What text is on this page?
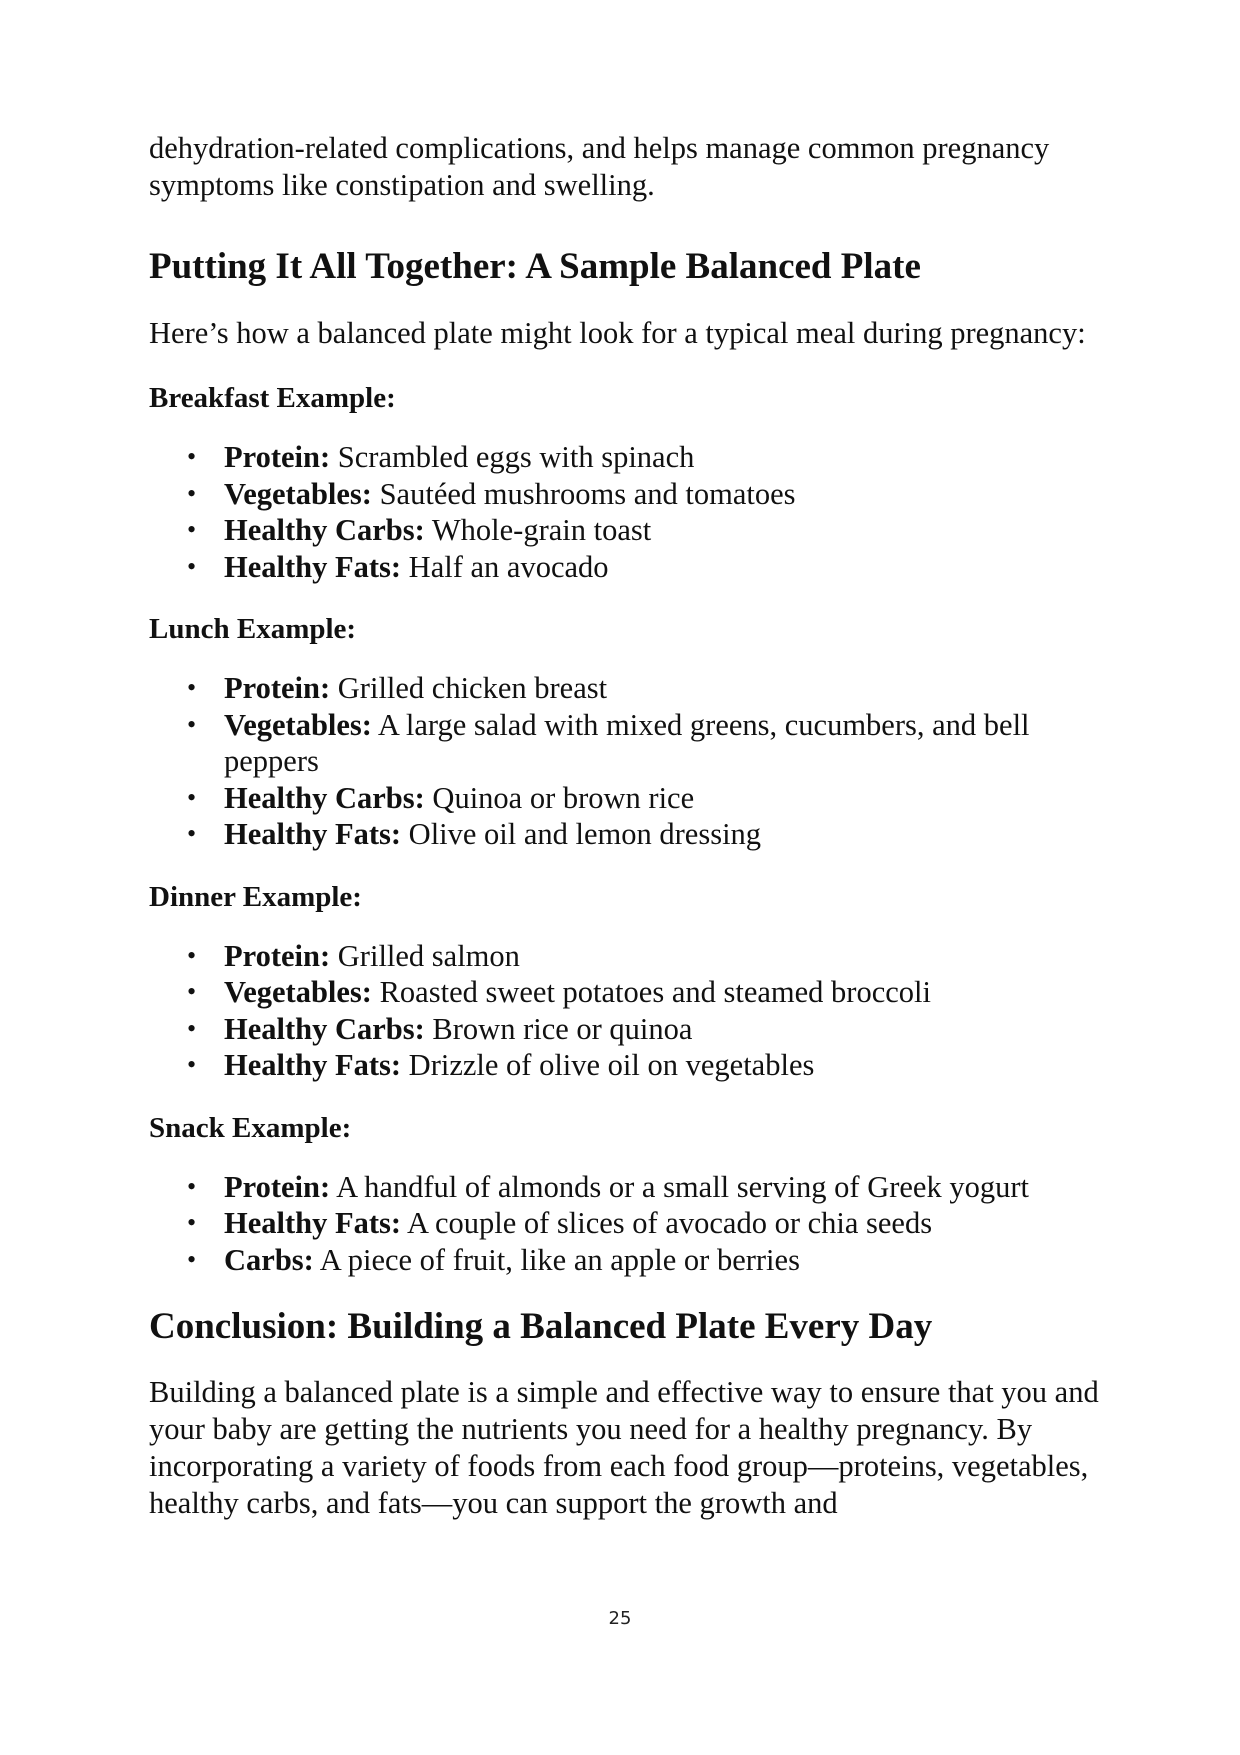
dehydration-related complications, and helps manage common pregnancy symptoms like constipation and swelling.

Putting It All Together: A Sample Balanced Plate

Here’s how a balanced plate might look for a typical meal during pregnancy:

Breakfast Example:
• Protein: Scrambled eggs with spinach
• Vegetables: Sautéed mushrooms and tomatoes
• Healthy Carbs: Whole-grain toast
• Healthy Fats: Half an avocado
Lunch Example:
• Protein: Grilled chicken breast
• Vegetables: A large salad with mixed greens, cucumbers, and bell peppers
• Healthy Carbs: Quinoa or brown rice
• Healthy Fats: Olive oil and lemon dressing
Dinner Example:
• Protein: Grilled salmon
• Vegetables: Roasted sweet potatoes and steamed broccoli
• Healthy Carbs: Brown rice or quinoa
• Healthy Fats: Drizzle of olive oil on vegetables
Snack Example:
• Protein: A handful of almonds or a small serving of Greek yogurt
• Healthy Fats: A couple of slices of avocado or chia seeds
• Carbs: A piece of fruit, like an apple or berries
Conclusion: Building a Balanced Plate Every Day

Building a balanced plate is a simple and effective way to ensure that you and your baby are getting the nutrients you need for a healthy pregnancy. By incorporating a variety of foods from each food group—proteins, vegetables, healthy carbs, and fats—you can support the growth and

25
